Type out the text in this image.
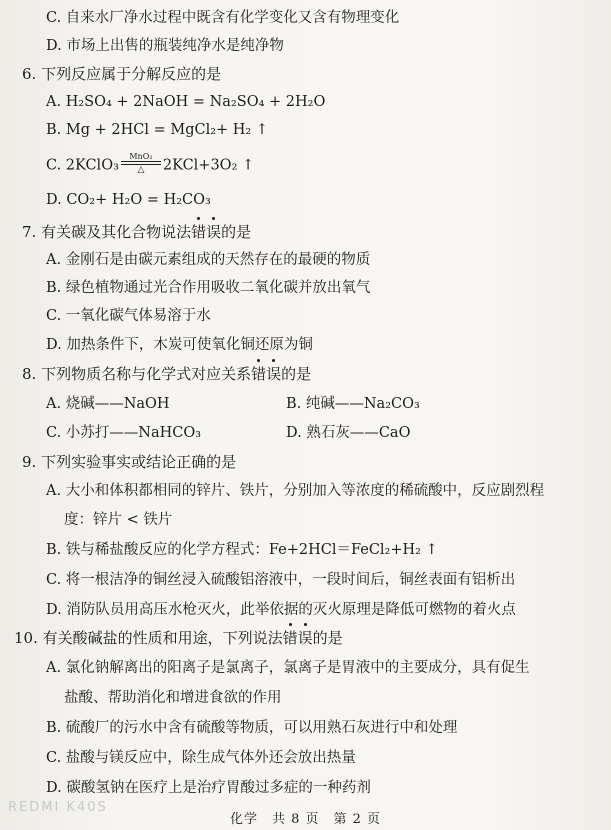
C. 自来水厂净水过程中既含有化学变化又含有物理变化
D. 市场上出售的瓶装纯净水是纯净物
6. 下列反应属于分解反应的是
A. H₂SO₄ + 2NaOH = Na₂SO₄ + 2H₂O
B. Mg + 2HCl = MgCl₂+ H₂ ↑
C. 2KClO₃
MnO₂
△ 2KCl+3O₂ ↑
D. CO₂+ H₂O = H₂CO₃
7. 有关碳及其化合物说法错误的是
A. 金刚石是由碳元素组成的天然存在的最硬的物质
B. 绿色植物通过光合作用吸收二氧化碳并放出氧气
C. 一氧化碳气体易溶于水
D. 加热条件下，木炭可使氧化铜还原为铜
8. 下列物质名称与化学式对应关系错误的是
A. 烧碱——NaOH	B. 纯碱——Na₂CO₃
C. 小苏打——NaHCO₃	D. 熟石灰——CaO
9. 下列实验事实或结论正确的是
A. 大小和体积都相同的锌片、铁片，分别加入等浓度的稀硫酸中，反应剧烈程
度：锌片 < 铁片
B. 铁与稀盐酸反应的化学方程式：Fe+2HCl＝FeCl₂+H₂ ↑
C. 将一根洁净的铜丝浸入硫酸铝溶液中，一段时间后，铜丝表面有铝析出
D. 消防队员用高压水枪灭火，此举依据的灭火原理是降低可燃物的着火点
10. 有关酸碱盐的性质和用途，下列说法错误的是
A. 氯化钠解离出的阳离子是氯离子，氯离子是胃液中的主要成分，具有促生
盐酸、帮助消化和增进食欲的作用
B. 硫酸厂的污水中含有硫酸等物质，可以用熟石灰进行中和处理
C. 盐酸与镁反应中，除生成气体外还会放出热量
D. 碳酸氢钠在医疗上是治疗胃酸过多症的一种药剂
REDMI K40S
化学　共 8 页　第 2 页
